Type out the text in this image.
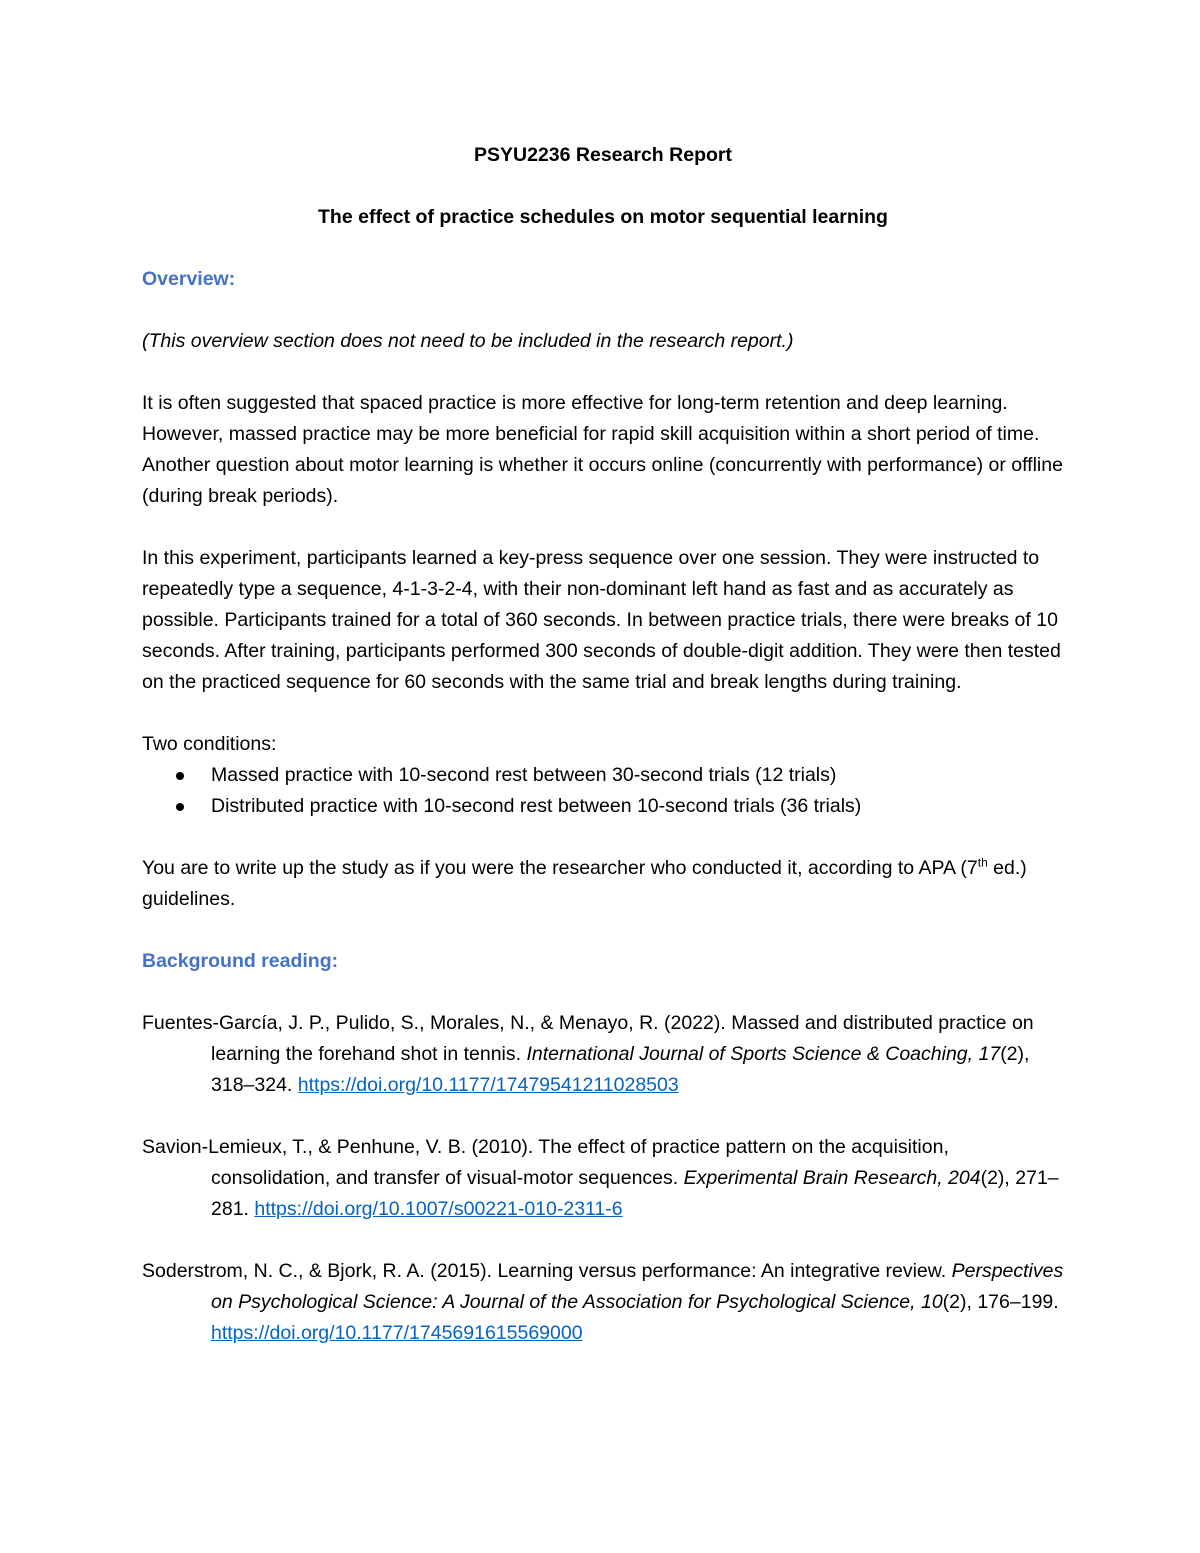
PSYU2236 Research Report

The effect of practice schedules on motor sequential learning

Overview:

(This overview section does not need to be included in the research report.)

It is often suggested that spaced practice is more effective for long-term retention and deep learning. However, massed practice may be more beneficial for rapid skill acquisition within a short period of time. Another question about motor learning is whether it occurs online (concurrently with performance) or offline (during break periods).

In this experiment, participants learned a key-press sequence over one session. They were instructed to repeatedly type a sequence, 4-1-3-2-4, with their non-dominant left hand as fast and as accurately as possible. Participants trained for a total of 360 seconds. In between practice trials, there were breaks of 10 seconds. After training, participants performed 300 seconds of double-digit addition. They were then tested on the practiced sequence for 60 seconds with the same trial and break lengths during training.

Two conditions:

Massed practice with 10-second rest between 30-second trials (12 trials)
Distributed practice with 10-second rest between 10-second trials (36 trials)

You are to write up the study as if you were the researcher who conducted it, according to APA (7th ed.) guidelines.

Background reading:

Fuentes-García, J. P., Pulido, S., Morales, N., & Menayo, R. (2022). Massed and distributed practice on learning the forehand shot in tennis. International Journal of Sports Science & Coaching, 17(2), 318–324. https://doi.org/10.1177/17479541211028503

Savion-Lemieux, T., & Penhune, V. B. (2010). The effect of practice pattern on the acquisition, consolidation, and transfer of visual-motor sequences. Experimental Brain Research, 204(2), 271–281. https://doi.org/10.1007/s00221-010-2311-6

Soderstrom, N. C., & Bjork, R. A. (2015). Learning versus performance: An integrative review. Perspectives on Psychological Science: A Journal of the Association for Psychological Science, 10(2), 176–199. https://doi.org/10.1177/1745691615569000
